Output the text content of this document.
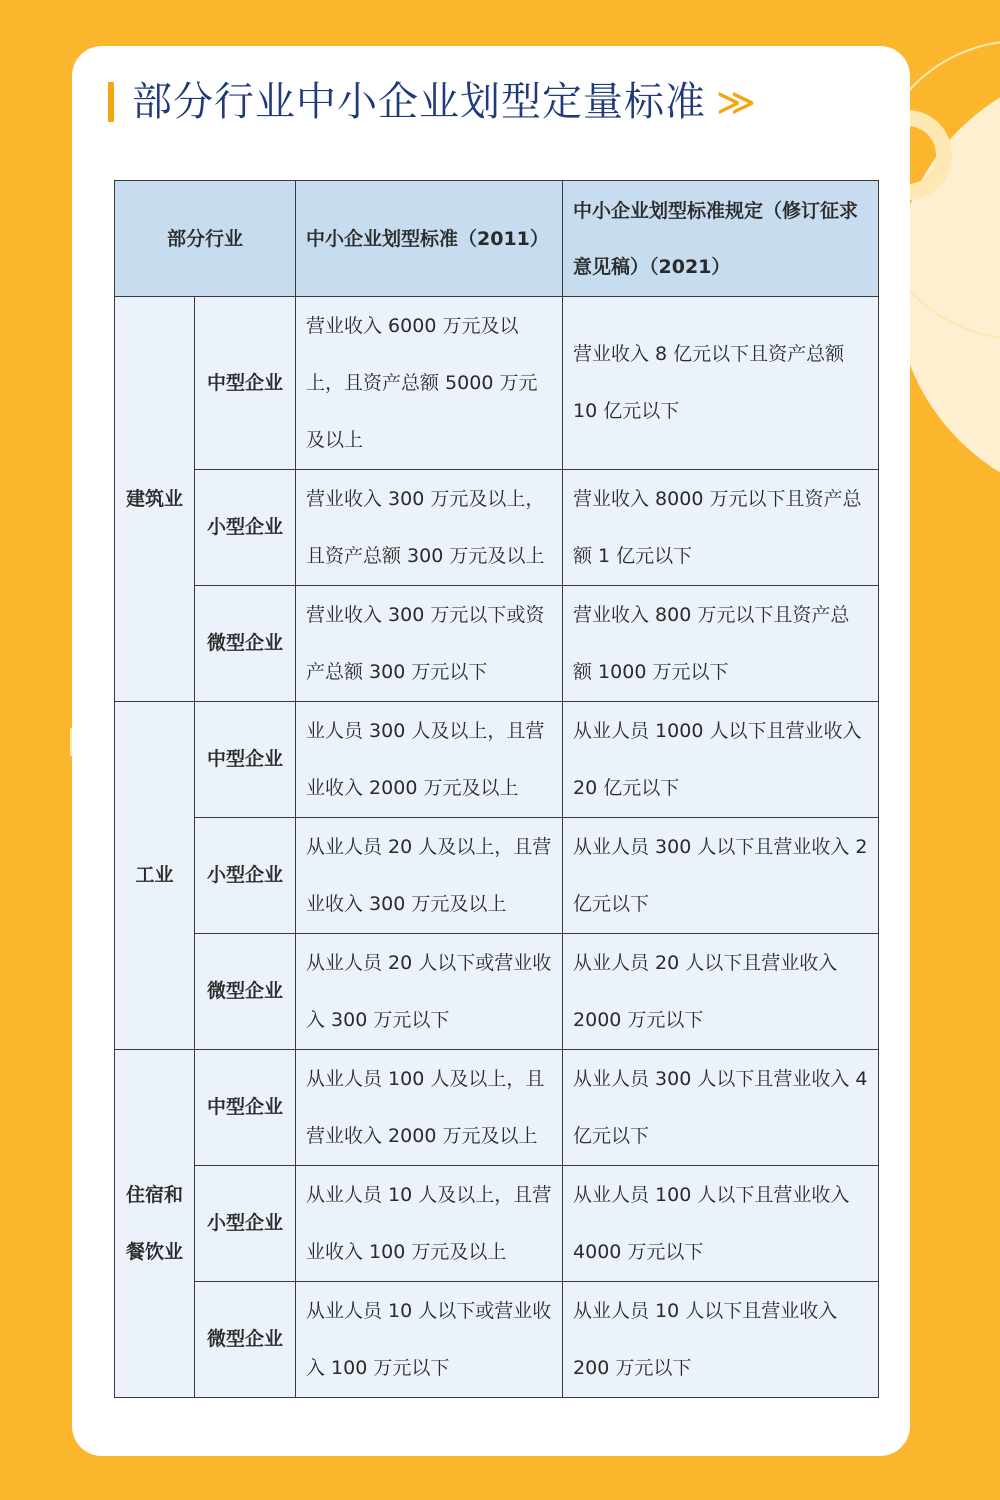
部分行业中小企业划型定量标准 ≫
部分行业		中小企业划型标准（2011）	中小企业划型标准规定（修订征求意见稿）（2021）
建筑业	中型企业	营业收入 6000 万元及以上，且资产总额 5000 万元及以上	营业收入 8 亿元以下且资产总额 10 亿元以下
	小型企业	营业收入 300 万元及以上，且资产总额 300 万元及以上	营业收入 8000 万元以下且资产总额 1 亿元以下
	微型企业	营业收入 300 万元以下或资产总额 300 万元以下	营业收入 800 万元以下且资产总额 1000 万元以下
工业	中型企业	业人员 300 人及以上，且营业收入 2000 万元及以上	从业人员 1000 人以下且营业收入 20 亿元以下
	小型企业	从业人员 20 人及以上，且营业收入 300 万元及以上	从业人员 300 人以下且营业收入 2 亿元以下
	微型企业	从业人员 20 人以下或营业收入 300 万元以下	从业人员 20 人以下且营业收入 2000 万元以下
住宿和餐饮业	中型企业	从业人员 100 人及以上，且营业收入 2000 万元及以上	从业人员 300 人以下且营业收入 4 亿元以下
	小型企业	从业人员 10 人及以上，且营业收入 100 万元及以上	从业人员 100 人以下且营业收入 4000 万元以下
	微型企业	从业人员 10 人以下或营业收入 100 万元以下	从业人员 10 人以下且营业收入 200 万元以下
